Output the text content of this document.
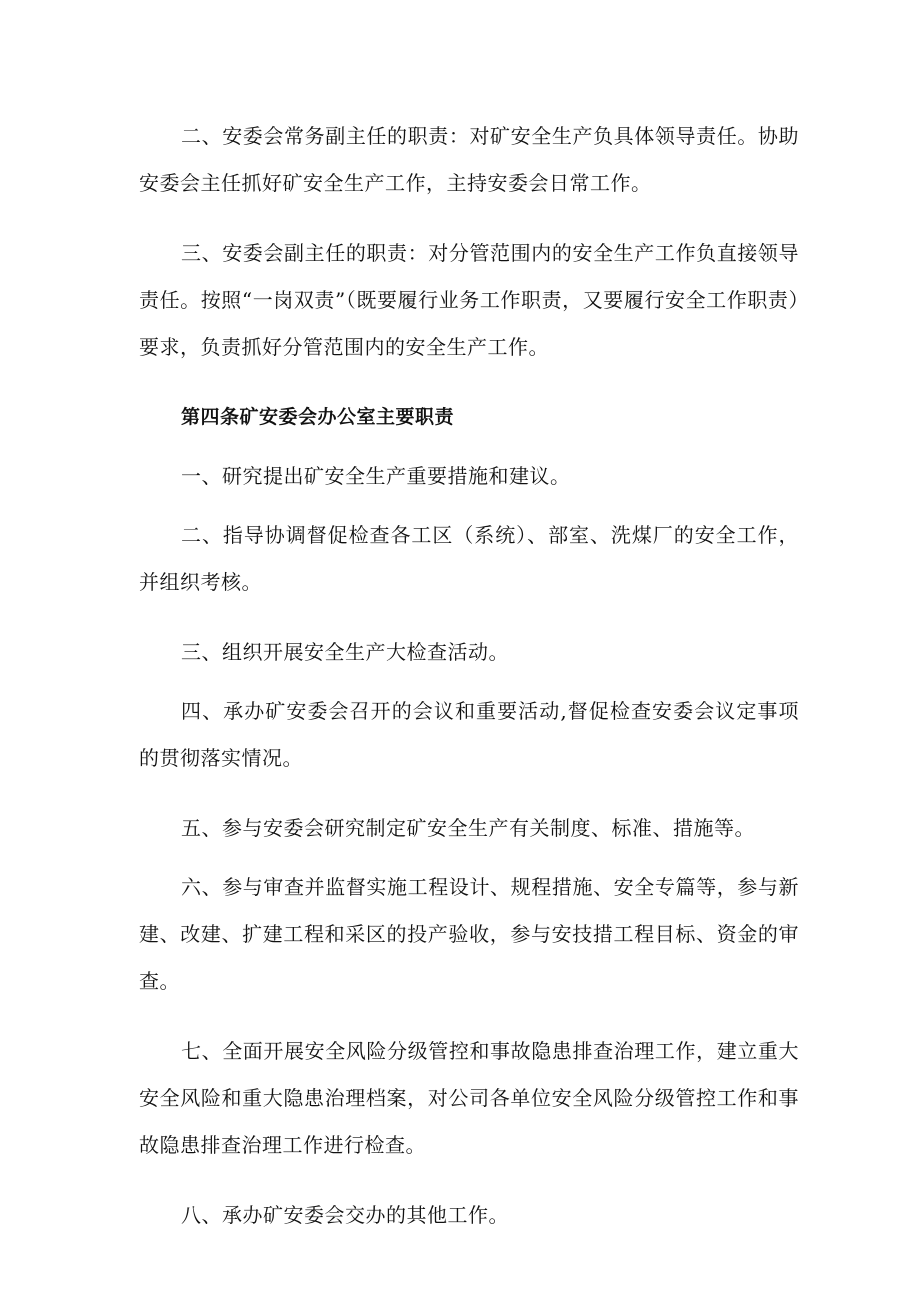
二、安委会常务副主任的职责：对矿安全生产负具体领导责任。协助安委会主任抓好矿安全生产工作，主持安委会日常工作。

三、安委会副主任的职责：对分管范围内的安全生产工作负直接领导责任。按照“一岗双责”（既要履行业务工作职责，又要履行安全工作职责）要求，负责抓好分管范围内的安全生产工作。

第四条矿安委会办公室主要职责

一、研究提出矿安全生产重要措施和建议。

二、指导协调督促检查各工区（系统）、部室、洗煤厂的安全工作，并组织考核。

三、组织开展安全生产大检查活动。

四、承办矿安委会召开的会议和重要活动,督促检查安委会议定事项的贯彻落实情况。

五、参与安委会研究制定矿安全生产有关制度、标准、措施等。

六、参与审查并监督实施工程设计、规程措施、安全专篇等，参与新建、改建、扩建工程和采区的投产验收，参与安技措工程目标、资金的审查。

七、全面开展安全风险分级管控和事故隐患排查治理工作，建立重大安全风险和重大隐患治理档案，对公司各单位安全风险分级管控工作和事故隐患排查治理工作进行检查。

八、承办矿安委会交办的其他工作。
